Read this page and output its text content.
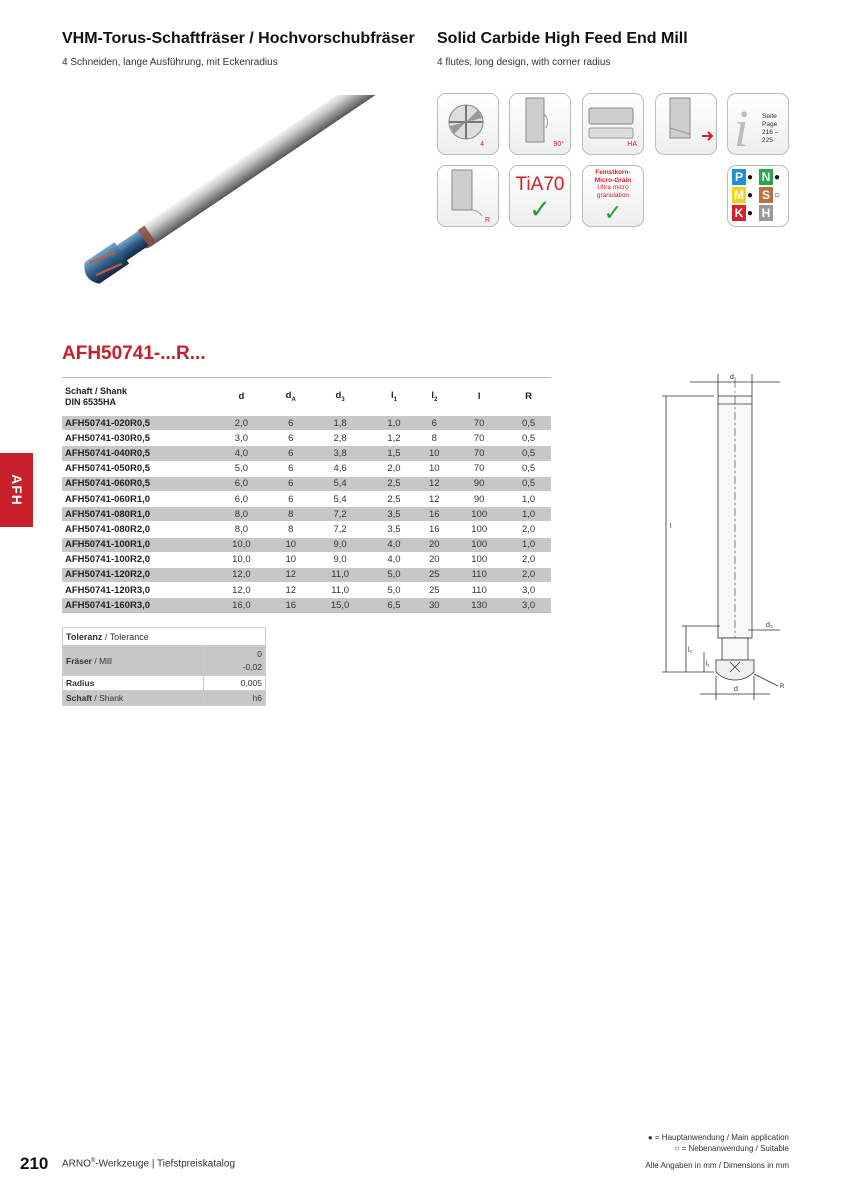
VHM-Torus-Schaftfräser / Hochvorschubfräser Solid Carbide High Feed End Mill
4 Schneiden, lange Ausführung, mit Eckenradius	4 flutes, long design, with corner radius
4	90°	HA i Seite Page
216 – 225
R
TiA70
✓
Feinstkorn-
Micro-Grain
Ultra micro
granulation
✓
P ● N ●
M ● S ○
K ● H
AFH50741-...R...
AFH
Schaft / Shank
DIN 6535HA	d	$d_A$	$d_3$	$l_1$	$l_2$	l	R
AFH50741-020R0,5	2,0	6	1,8	1,0	6	70	0,5
AFH50741-030R0,5	3,0	6	2,8	1,2	8	70	0,5
AFH50741-040R0,5	4,0	6	3,8	1,5	10	70	0,5
AFH50741-050R0,5	5,0	6	4,6	2,0	10	70	0,5
AFH50741-060R0,5	6,0	6	5,4	2,5	12	90	0,5
AFH50741-060R1,0	6,0	6	5,4	2,5	12	90	1,0
AFH50741-080R1,0	8,0	8	7,2	3,5	16	100	1,0
AFH50741-080R2,0	8,0	8	7,2	3,5	16	100	2,0
AFH50741-100R1,0	10,0	10	9,0	4,0	20	100	1,0
AFH50741-100R2,0	10,0	10	9,0	4,0	20	100	2,0
AFH50741-120R2,0	12,0	12	11,0	5,0	25	110	2,0
AFH50741-120R3,0	12,0	12	11,0	5,0	25	110	3,0
AFH50741-160R3,0	16,0	16	15,0	6,5	30	130	3,0
Toleranz / Tolerance	
Fräser / Mill	0
-0,02
Radius	0,005
Schaft / Shank	h6
d₁
l
d₃
l₂
l₁
d	R
● = Hauptanwendung / Main application
○ = Nebenanwendung / Suitable
210 ARNO®-Werkzeuge | Tiefstpreiskatalog	Alle Angaben in mm / Dimensions in mm
